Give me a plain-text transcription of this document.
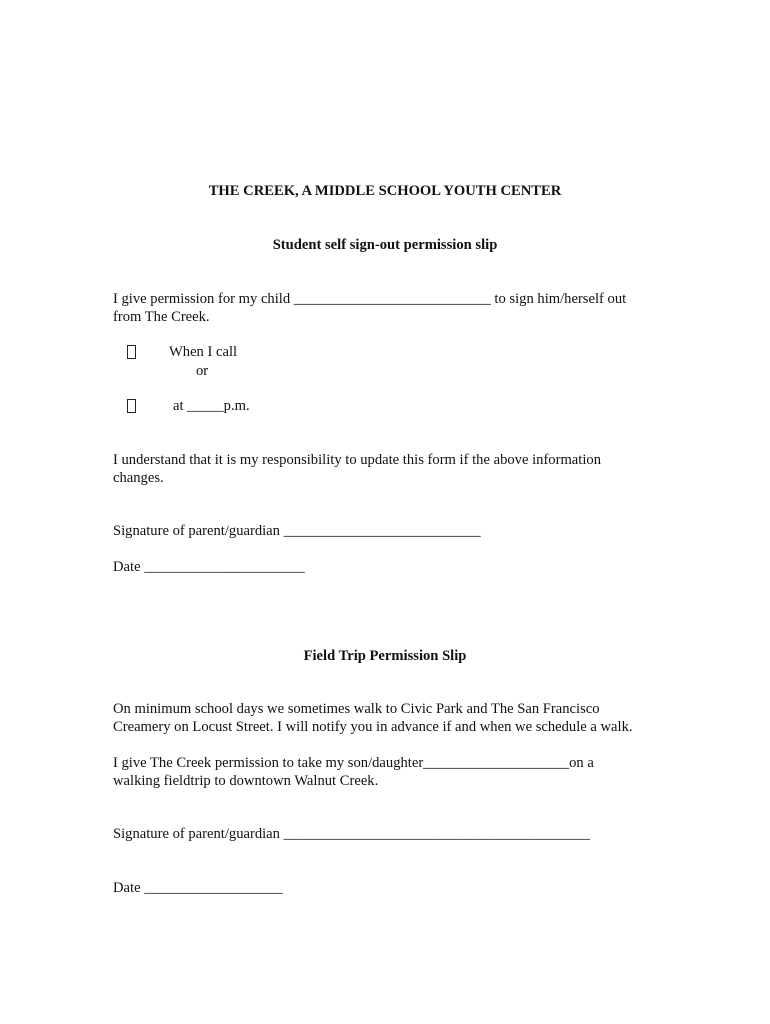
THE CREEK, A MIDDLE SCHOOL YOUTH CENTER
Student self sign-out permission slip
I give permission for my child ___________________________ to sign him/herself out
from The Creek.
When I call
or
at _____p.m.
I understand that it is my responsibility to update this form if the above information
changes.
Signature of parent/guardian ___________________________
Date ______________________
Field Trip Permission Slip
On minimum school days we sometimes walk to Civic Park and The San Francisco
Creamery on Locust Street. I will notify you in advance if and when we schedule a walk.
I give The Creek permission to take my son/daughter____________________on a
walking fieldtrip to downtown Walnut Creek.
Signature of parent/guardian __________________________________________
Date ___________________
